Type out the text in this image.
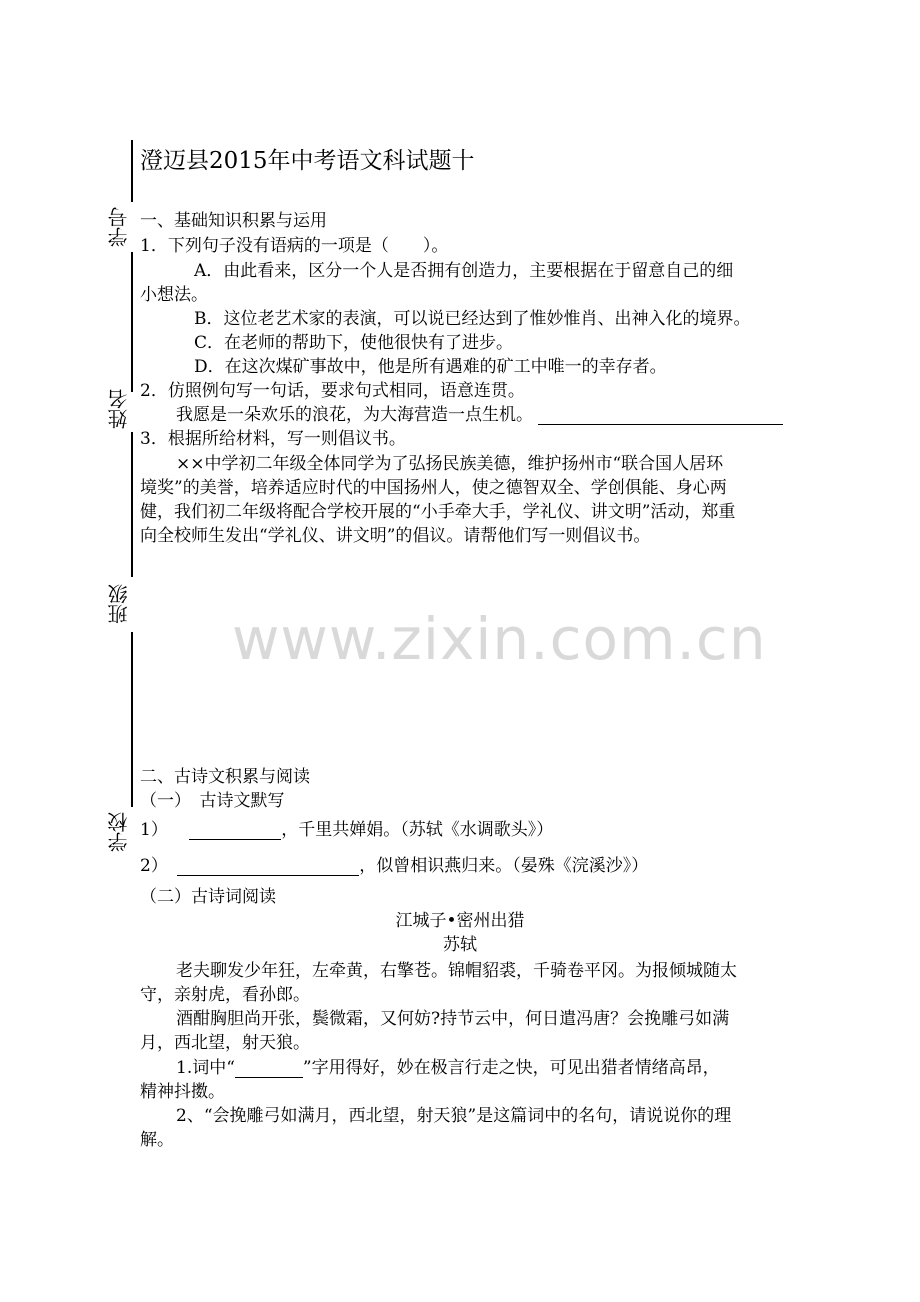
学号
姓名
班级
学校
澄迈县2015年中考语文科试题十
一、基础知识积累与运用
1．下列句子没有语病的一项是（　　）。
A．由此看来，区分一个人是否拥有创造力，主要根据在于留意自己的细
小想法。
B．这位老艺术家的表演，可以说已经达到了惟妙惟肖、出神入化的境界。
C．在老师的帮助下，使他很快有了进步。
D．在这次煤矿事故中，他是所有遇难的矿工中唯一的幸存者。
2．仿照例句写一句话，要求句式相同，语意连贯。
我愿是一朵欢乐的浪花，为大海营造一点生机。
3．根据所给材料，写一则倡议书。
××中学初二年级全体同学为了弘扬民族美德，维护扬州市“联合国人居环
境奖”的美誉，培养适应时代的中国扬州人，使之德智双全、学创俱能、身心两
健，我们初二年级将配合学校开展的“小手牵大手，学礼仪、讲文明”活动，郑重
向全校师生发出“学礼仪、讲文明”的倡议。请帮他们写一则倡议书。
www.zixin.com.cn
二、古诗文积累与阅读
（一）　古诗文默写
1）	，千里共婵娟。（苏轼《水调歌头》）
2）	，似曾相识燕归来。（晏殊《浣溪沙》）
（二）古诗词阅读
江城子•密州出猎
苏轼
老夫聊发少年狂，左牵黄，右擎苍。锦帽貂裘，千骑卷平冈。为报倾城随太
守，亲射虎，看孙郎。
酒酣胸胆尚开张，鬓微霜，又何妨?持节云中，何日遣冯唐？会挽雕弓如满
月，西北望，射天狼。
1.词中“	”字用得好，妙在极言行走之快，可见出猎者情绪高昂，
精神抖擞。
2、“会挽雕弓如满月，西北望，射天狼”是这篇词中的名句，请说说你的理
解。
